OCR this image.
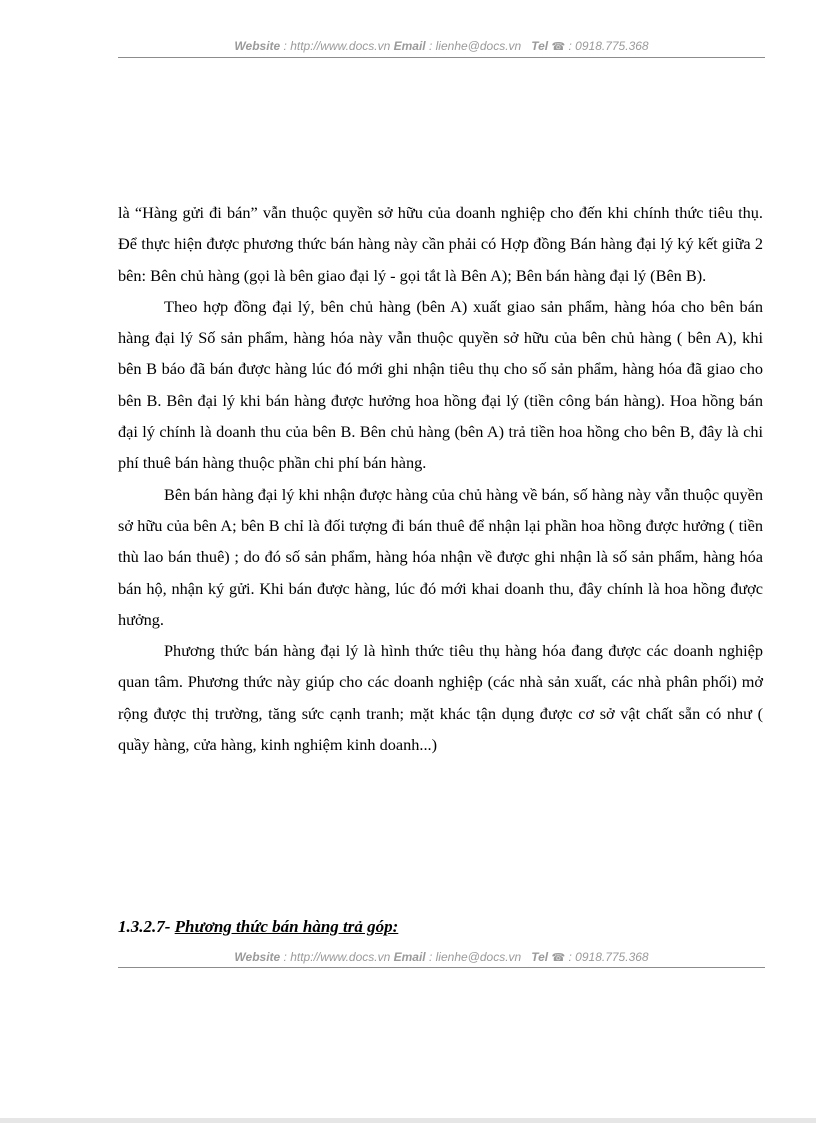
Website : http://www.docs.vn Email : lienhe@docs.vn Tel ☎ : 0918.775.368

là “Hàng gửi đi bán” vẫn thuộc quyền sở hữu của doanh nghiệp cho đến khi chính thức tiêu thụ. Để thực hiện được phương thức bán hàng này cần phải có Hợp đồng Bán hàng đại lý ký kết giữa 2 bên: Bên chủ hàng (gọi là bên giao đại lý - gọi tắt là Bên A); Bên bán hàng đại lý (Bên B).

Theo hợp đồng đại lý, bên chủ hàng (bên A) xuất giao sản phẩm, hàng hóa cho bên bán hàng đại lý Số sản phẩm, hàng hóa này vẫn thuộc quyền sở hữu của bên chủ hàng ( bên A), khi bên B báo đã bán được hàng lúc đó mới ghi nhận tiêu thụ cho số sản phẩm, hàng hóa đã giao cho bên B. Bên đại lý khi bán hàng được hưởng hoa hồng đại lý (tiền công bán hàng). Hoa hồng bán đại lý chính là doanh thu của bên B. Bên chủ hàng (bên A) trả tiền hoa hồng cho bên B, đây là chi phí thuê bán hàng thuộc phần chi phí bán hàng.

Bên bán hàng đại lý khi nhận được hàng của chủ hàng về bán, số hàng này vẫn thuộc quyền sở hữu của bên A; bên B chỉ là đối tượng đi bán thuê để nhận lại phần hoa hồng được hưởng ( tiền thù lao bán thuê) ; do đó số sản phẩm, hàng hóa nhận về được ghi nhận là số sản phẩm, hàng hóa bán hộ, nhận ký gửi. Khi bán được hàng, lúc đó mới khai doanh thu, đây chính là hoa hồng được hưởng.

Phương thức bán hàng đại lý là hình thức tiêu thụ hàng hóa đang được các doanh nghiệp quan tâm. Phương thức này giúp cho các doanh nghiệp (các nhà sản xuất, các nhà phân phối) mở rộng được thị trường, tăng sức cạnh tranh; mặt khác tận dụng được cơ sở vật chất sẵn có như ( quầy hàng, cửa hàng, kinh nghiệm kinh doanh...)

1.3.2.7- Phương thức bán hàng trả góp:
Website : http://www.docs.vn Email : lienhe@docs.vn Tel ☎ : 0918.775.368
